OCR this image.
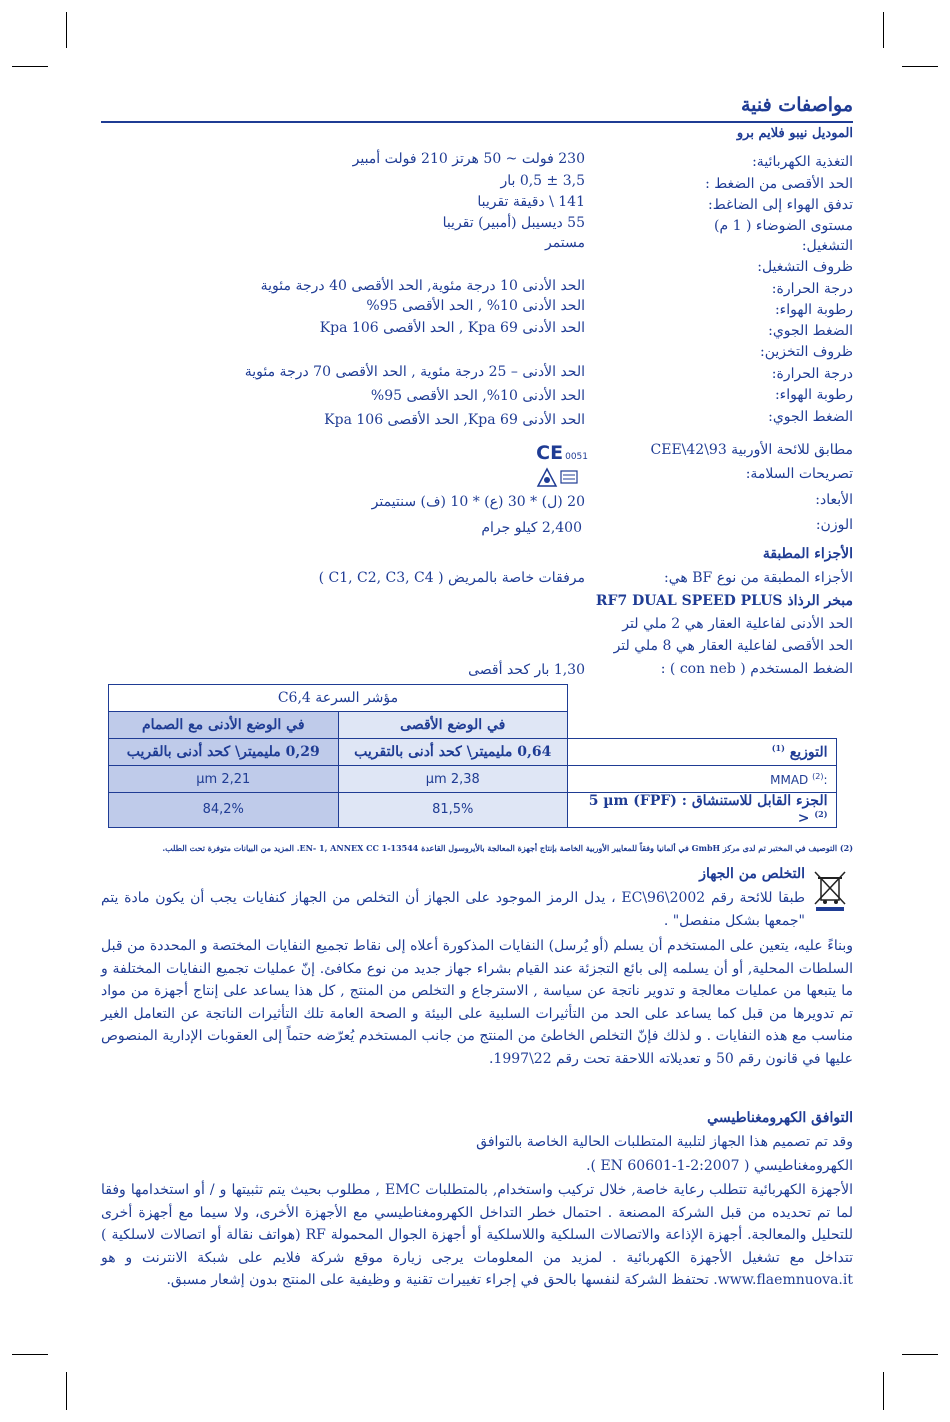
مواصفات فنية
الموديل نيبو فلايم برو
التغذية الكهربائية:
230 فولت ~ 50 هرتز 210 فولت أمبير
الحد الأقصى من الضغط :
3,5 ± 0,5 بار
تدفق الهواء إلى الضاغط:
141 \ دقيقة تقريبا
مستوى الضوضاء ( 1 م)
55 ديسيبل (أمبير) تقريبا
التشغيل:
مستمر
ظروف التشغيل:
درجة الحرارة:
الحد الأدنى 10 درجة مئوية, الحد الأقصى 40 درجة مئوية
رطوبة الهواء:
الحد الأدنى 10% , الحد الأقصى 95%
الضغط الجوي:
الحد الأدنى Kpa 69 , الحد الأقصى Kpa 106
ظروف التخزين:
درجة الحرارة:
الحد الأدنى – 25 درجة مئوية , الحد الأقصى 70 درجة مئوية
رطوبة الهواء:
الحد الأدنى 10%, الحد الأقصى 95%
الضغط الجوي:
الحد الأدنى Kpa 69, الحد الأقصى Kpa 106
مطابق للائحة الأوربية CEE\42\93
CE 0051
تصريحات السلامة:
الأبعاد:
20 (ل) * 30 (ع) * 10 (ف) سنتيمتر
الوزن:
2,400 كيلو جرام
الأجزاء المطبقة
الأجزاء المطبقة من نوع BF هي:
مرفقات خاصة بالمريض ( C1, C2, C3, C4 )
مبخر الرذاذ RF7 DUAL SPEED PLUS
الحد الأدنى لفاعلية العقار هي 2 ملي لتر
الحد الأقصى لفاعلية العقار هي 8 ملي لتر
الضغط المستخدم ( con neb ) :
1,30 بار كحد أقصى
	مؤشر السرعة C6,4	
	في الوضع الأقصى	في الوضع الأدنى مع الصمام
التوزيع $^{(1)}$	0,64 مليميتر\ كحد أدنى بالتقريب	0,29 مليميتر\ كحد أدنى بالقريب
:MMAD $^{(2)}$	2,38 µm	2,21 µm
الجزء القابل للاستنشاق : (FPF) 5 µm > $^{(2)}$	81,5%	84,2%
(2) التوصيف في المختبر تم لدى مركز GmbH في ألمانيا وفقاً للمعايير الأوربية الخاصة بإنتاج أجهزة المعالجة بالأيروسول القاعدة 13544-1 EN- 1, ANNEX CC. المزيد من البيانات متوفرة تحت الطلب.
التخلص من الجهاز
طبقا للائحة رقم 2002\96\EC ، يدل الرمز الموجود على الجهاز أن التخلص من الجهاز كنفايات يجب أن يكون مادة يتم "جمعها بشكل منفصل" .
وبناءً عليه، يتعين على المستخدم أن يسلم (أو يُرسل) النفايات المذكورة أعلاه إلى نقاط تجميع النفايات المختصة و المحددة من قبل السلطات المحلية, أو أن يسلمه إلى بائع التجزئة عند القيام بشراء جهاز جديد من نوع مكافئ. إنّ عمليات تجميع النفايات المختلفة و ما يتبعها من عمليات معالجة و تدوير ناتجة عن سياسة , الاسترجاع و التخلص من المنتج , كل هذا يساعد على إنتاج أجهزة من مواد تم تدويرها من قبل كما يساعد على الحد من التأثيرات السلبية على البيئة و الصحة العامة تلك التأثيرات الناتجة عن التعامل الغير مناسب مع هذه النفايات . و لذلك فإنّ التخلص الخاطئ من المنتج من جانب المستخدم يُعرّضه حتماً إلى العقوبات الإدارية المنصوص عليها في قانون رقم 50 و تعديلاته اللاحقة تحت رقم 22\1997.
التوافق الكهرومغناطيسي
وقد تم تصميم هذا الجهاز لتلبية المتطلبات الحالية الخاصة بالتوافق
الكهرومغناطيسي ( EN 60601-1-2:2007 ).
الأجهزة الكهربائية تتطلب رعاية خاصة, خلال تركيب واستخدام, بالمتطلبات EMC , مطلوب بحيث يتم تثبيتها و / أو استخدامها وفقا لما تم تحديده من قبل الشركة المصنعة . احتمال خطر التداخل الكهرومغناطيسي مع الأجهزة الأخرى، ولا سيما مع أجهزة أخرى للتحليل والمعالجة. أجهزة الإذاعة والاتصالات السلكية واللاسلكية أو أجهزة الجوال المحمولة RF (هواتف نقالة أو اتصالات لاسلكية ) تتداخل مع تشغيل الأجهزة الكهربائية . لمزيد من المعلومات يرجى زيارة موقع شركة فلايم على شبكة الانترنت و هو www.flaemnuova.it. تحتفظ الشركة لنفسها بالحق في إجراء تغييرات تقنية و وظيفية على المنتج بدون إشعار مسبق.
